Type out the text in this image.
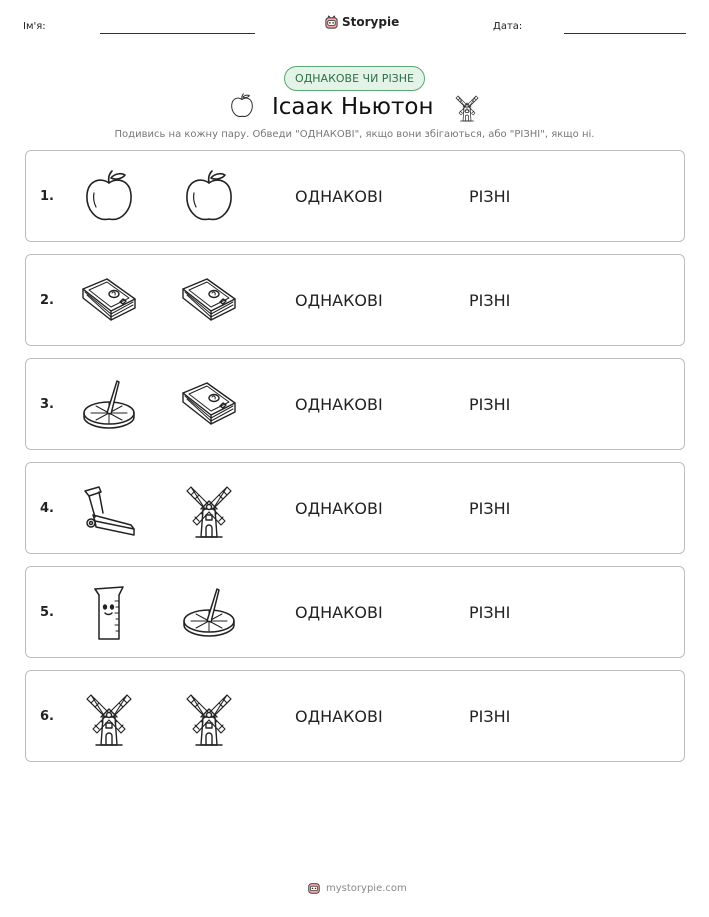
Ім'я:	Storypie	Дата:
ОДНАКОВЕ ЧИ РІЗНЕ
Ісаак Ньютон
Подивись на кожну пару. Обведи "ОДНАКОВІ", якщо вони збігаються, або "РІЗНІ", якщо ні.
1.	ОДНАКОВІ	РІЗНІ
2.	ОДНАКОВІ	РІЗНІ
3.	ОДНАКОВІ	РІЗНІ
4.	ОДНАКОВІ	РІЗНІ
5.	ОДНАКОВІ	РІЗНІ
6.	ОДНАКОВІ	РІЗНІ
mystorypie.com
